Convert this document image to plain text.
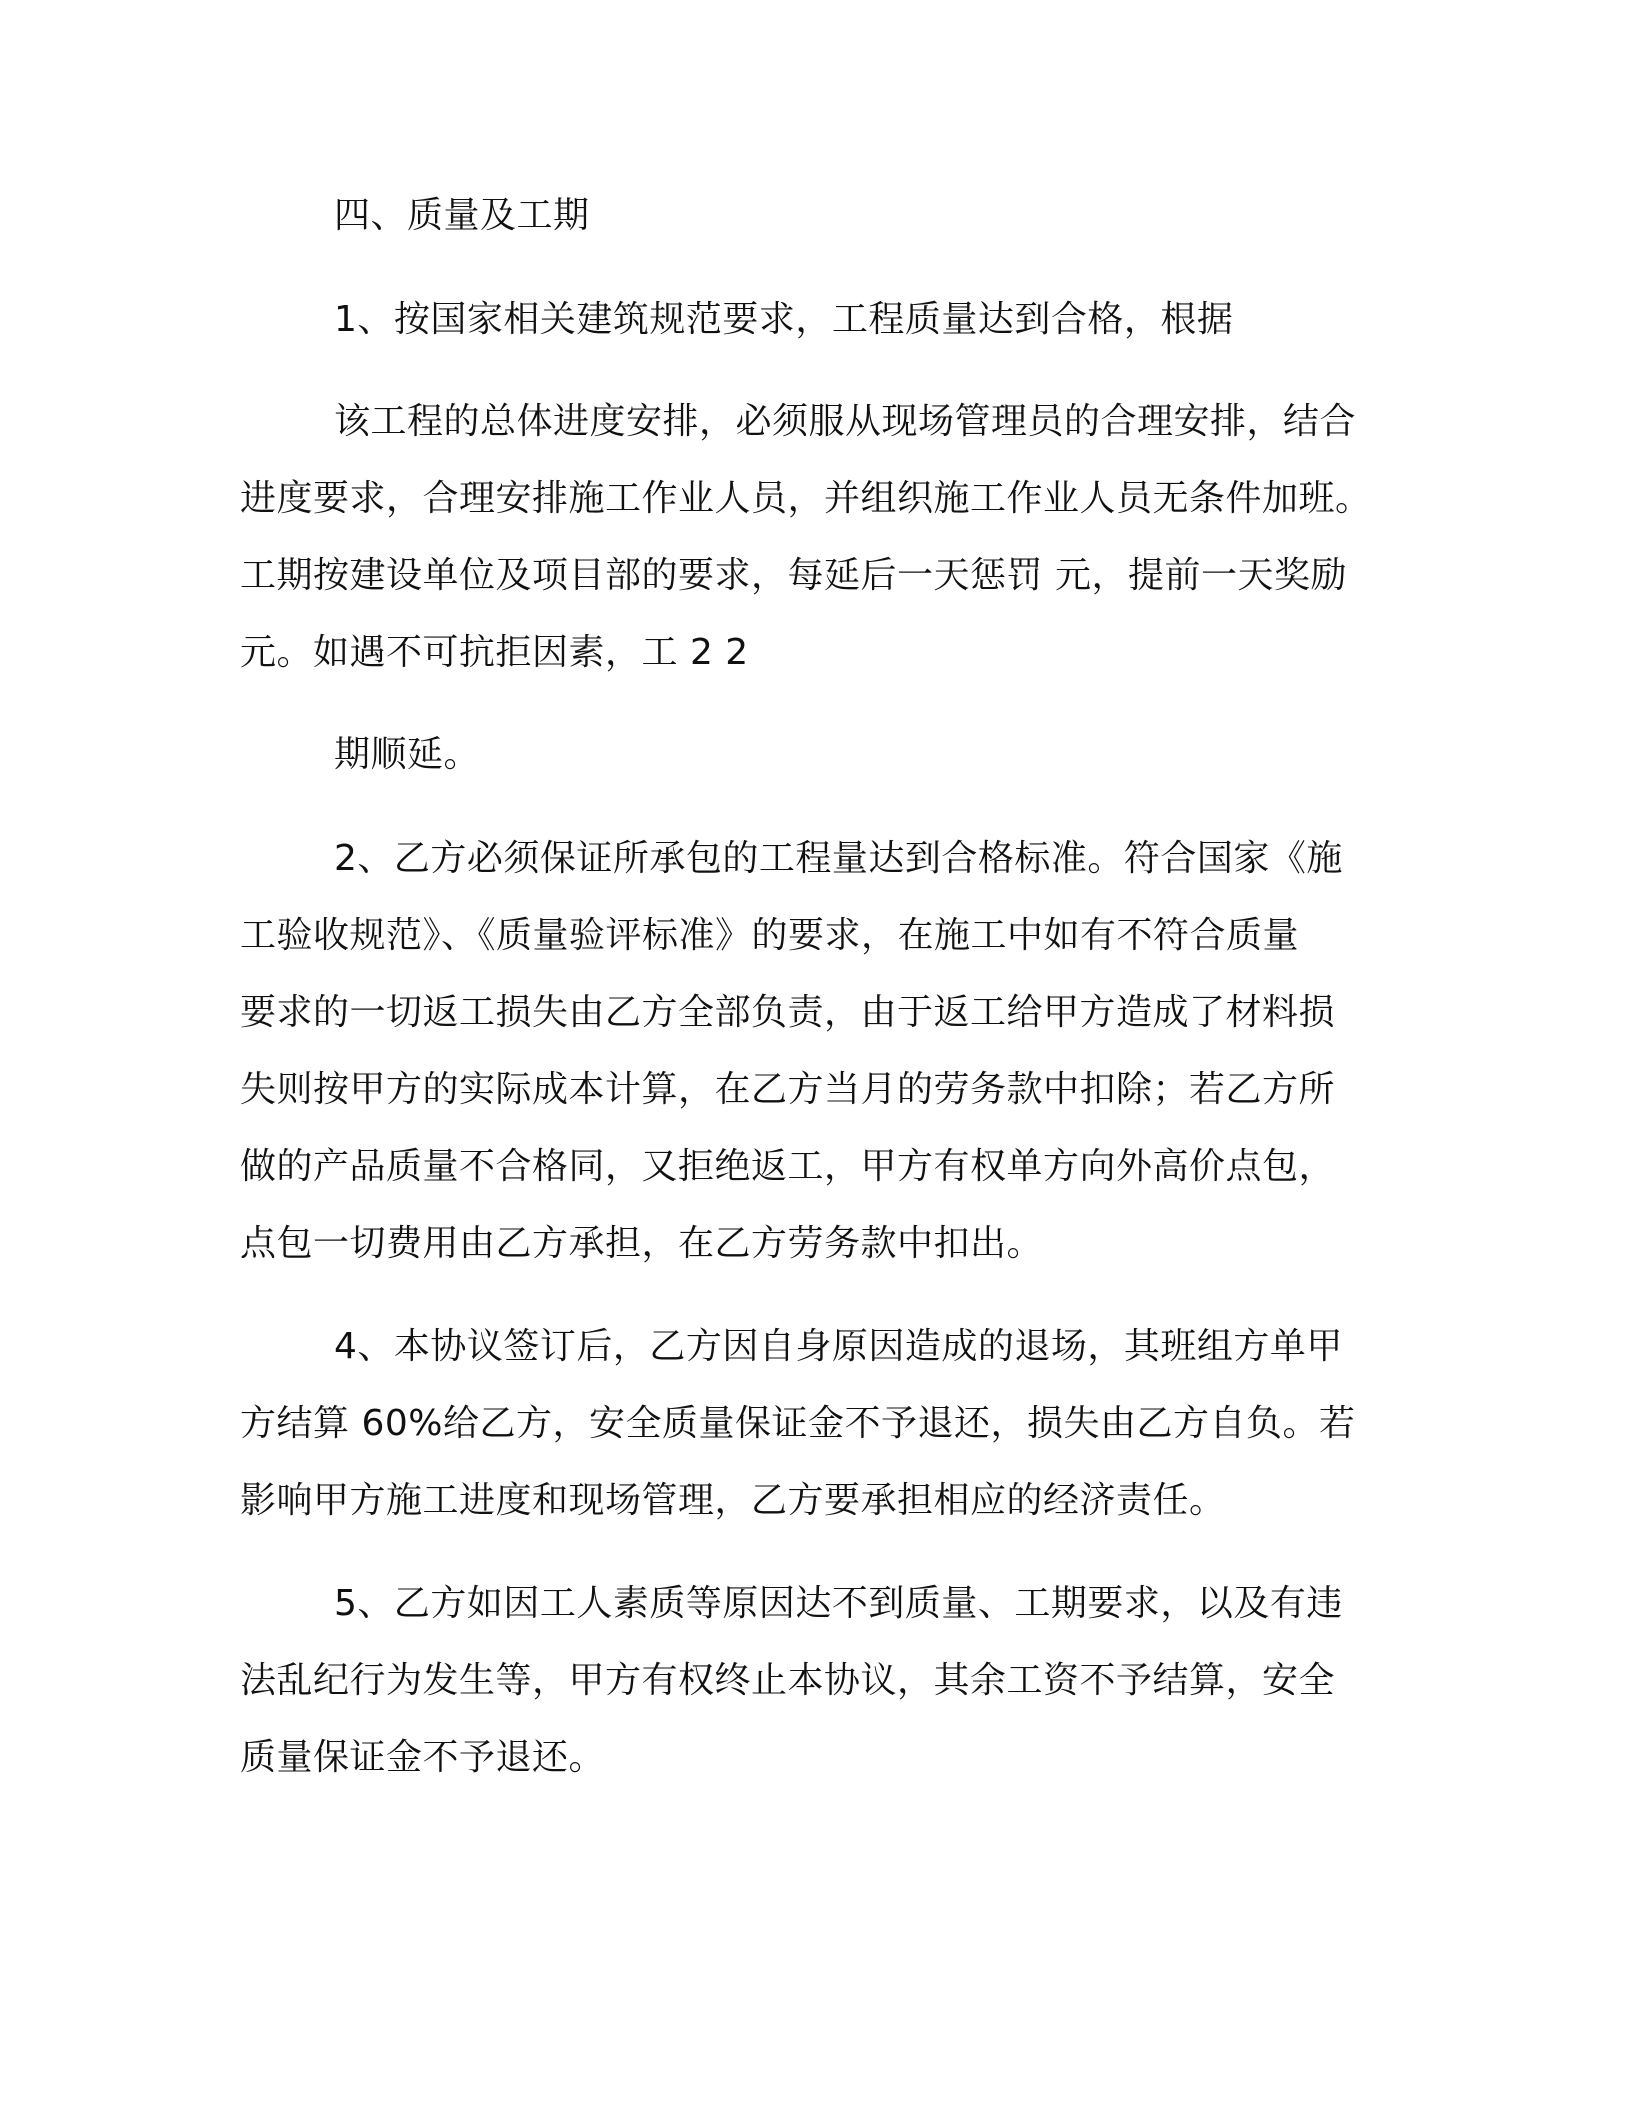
四、质量及工期
1、按国家相关建筑规范要求，工程质量达到合格，根据
该工程的总体进度安排，必须服从现场管理员的合理安排，结合
进度要求，合理安排施工作业人员，并组织施工作业人员无条件加班。
工期按建设单位及项目部的要求，每延后一天惩罚 元，提前一天奖励
元。如遇不可抗拒因素，工 2 2
期顺延。
2、乙方必须保证所承包的工程量达到合格标准。符合国家《施
工验收规范》、《质量验评标准》的要求，在施工中如有不符合质量
要求的一切返工损失由乙方全部负责，由于返工给甲方造成了材料损
失则按甲方的实际成本计算，在乙方当月的劳务款中扣除；若乙方所
做的产品质量不合格同，又拒绝返工，甲方有权单方向外高价点包，
点包一切费用由乙方承担，在乙方劳务款中扣出。
4、本协议签订后，乙方因自身原因造成的退场，其班组方单甲
方结算 60%给乙方，安全质量保证金不予退还，损失由乙方自负。若
影响甲方施工进度和现场管理，乙方要承担相应的经济责任。
5、乙方如因工人素质等原因达不到质量、工期要求，以及有违
法乱纪行为发生等，甲方有权终止本协议，其余工资不予结算，安全
质量保证金不予退还。
